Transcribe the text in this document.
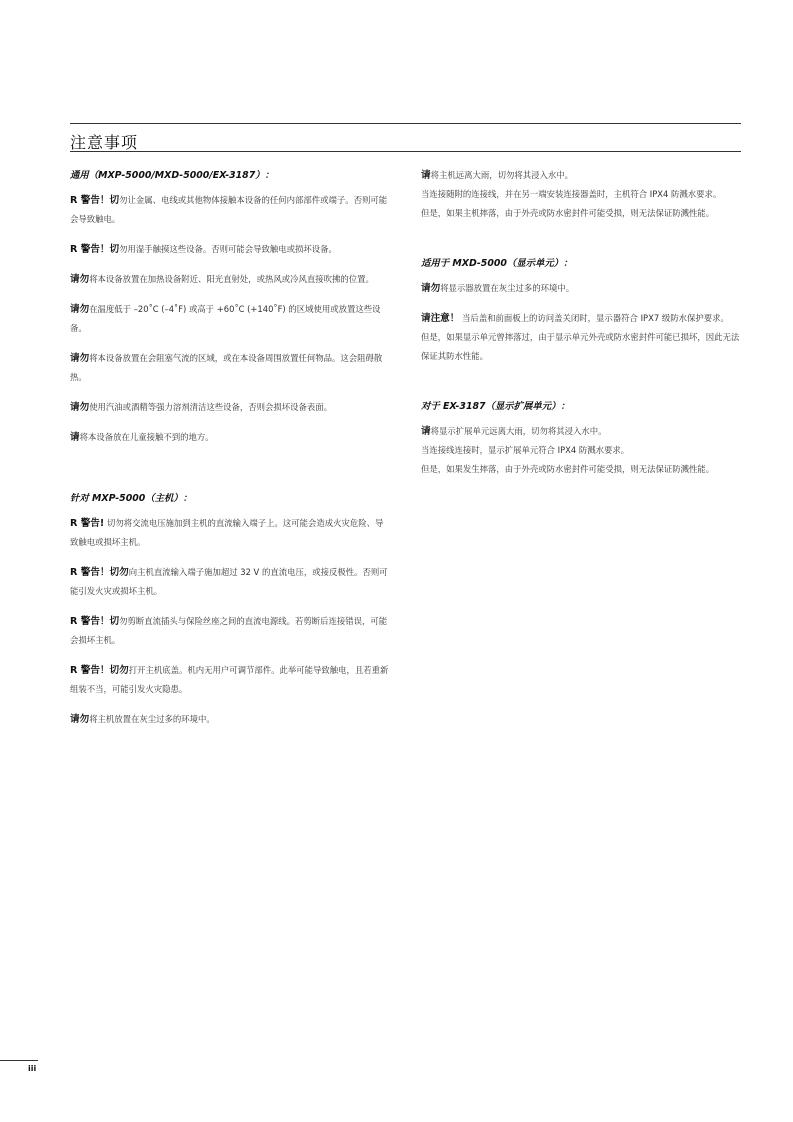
注意事项

通用（MXP-5000/MXD-5000/EX-3187）：

R 警告！切勿让金属、电线或其他物体接触本设备的任何内部部件或端子。否则可能会导致触电。

R 警告！切勿用湿手触摸这些设备。否则可能会导致触电或损坏设备。

请勿将本设备放置在加热设备附近、阳光直射处，或热风或冷风直接吹拂的位置。

请勿在温度低于 –20˚C (–4˚F) 或高于 +60˚C (+140˚F) 的区域使用或放置这些设备。

请勿将本设备放置在会阻塞气流的区域，或在本设备周围放置任何物品。这会阻碍散热。

请勿使用汽油或酒精等强力溶剂清洁这些设备，否则会损坏设备表面。

请将本设备放在儿童接触不到的地方。

针对 MXP-5000（主机）：

R 警告! 切勿将交流电压施加到主机的直流输入端子上。这可能会造成火灾危险、导致触电或损坏主机。

R 警告！切勿向主机直流输入端子施加超过 32 V 的直流电压，或接反极性。否则可能引发火灾或损坏主机。

R 警告！切勿剪断直流插头与保险丝座之间的直流电源线。若剪断后连接错误，可能会损坏主机。

R 警告！切勿打开主机底盖。机内无用户可调节部件。此举可能导致触电，且若重新组装不当，可能引发火灾隐患。

请勿将主机放置在灰尘过多的环境中。

请将主机远离大雨，切勿将其浸入水中。

当连接随附的连接线，并在另一端安装连接器盖时，主机符合 IPX4 防溅水要求。

但是，如果主机摔落，由于外壳或防水密封件可能受损，则无法保证防溅性能。

适用于 MXD-5000（显示单元）：

请勿将显示器放置在灰尘过多的环境中。

请注意！ 当后盖和前面板上的访问盖关闭时，显示器符合 IPX7 级防水保护要求。

但是，如果显示单元曾摔落过，由于显示单元外壳或防水密封件可能已损坏，因此无法保证其防水性能。

对于 EX-3187（显示扩展单元）：

请将显示扩展单元远离大雨，切勿将其浸入水中。

当连接线连接时，显示扩展单元符合 IPX4 防溅水要求。

但是，如果发生摔落，由于外壳或防水密封件可能受损，则无法保证防溅性能。

iii
